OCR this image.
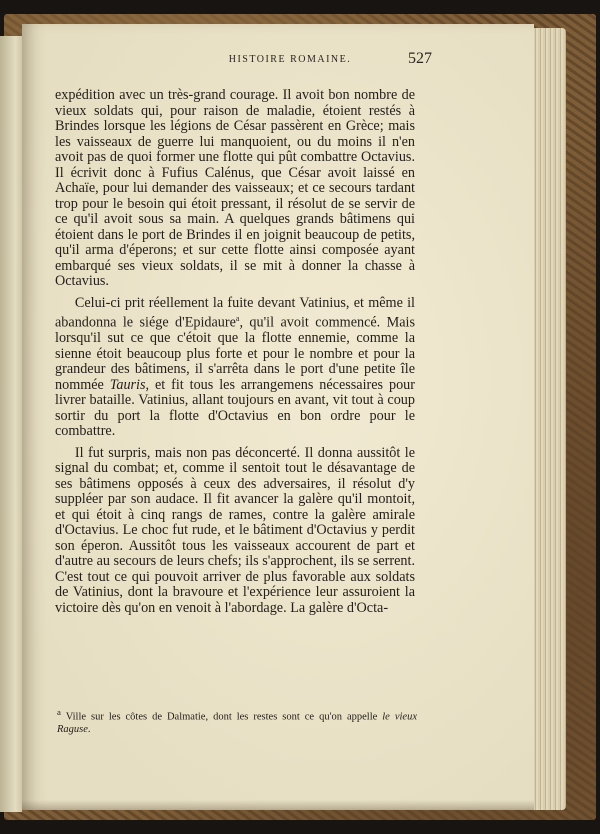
HISTOIRE ROMAINE.	527

expédition avec un très-grand courage. Il avoit bon nombre de vieux soldats qui, pour raison de maladie, étoient restés à Brindes lorsque les légions de César passèrent en Grèce; mais les vaisseaux de guerre lui manquoient, ou du moins il n'en avoit pas de quoi former une flotte qui pût combattre Octavius. Il écrivit donc à Fufius Calénus, que César avoit laissé en Achaïe, pour lui demander des vaisseaux; et ce secours tardant trop pour le besoin qui étoit pressant, il résolut de se servir de ce qu'il avoit sous sa main. A quelques grands bâtimens qui étoient dans le port de Brindes il en joignit beaucoup de petits, qu'il arma d'éperons; et sur cette flotte ainsi composée ayant embarqué ses vieux soldats, il se mit à donner la chasse à Octavius.

Celui-ci prit réellement la fuite devant Vatinius, et même il abandonna le siége d'Epidaure$^a$, qu'il avoit commencé. Mais lorsqu'il sut ce que c'étoit que la flotte ennemie, comme la sienne étoit beaucoup plus forte et pour le nombre et pour la grandeur des bâtimens, il s'arrêta dans le port d'une petite île nommée Tauris, et fit tous les arrangemens nécessaires pour livrer bataille. Vatinius, allant toujours en avant, vit tout à coup sortir du port la flotte d'Octavius en bon ordre pour le combattre.

Il fut surpris, mais non pas déconcerté. Il donna aussitôt le signal du combat; et, comme il sentoit tout le désavantage de ses bâtimens opposés à ceux des adversaires, il résolut d'y suppléer par son audace. Il fit avancer la galère qu'il montoit, et qui étoit à cinq rangs de rames, contre la galère amirale d'Octavius. Le choc fut rude, et le bâtiment d'Octavius y perdit son éperon. Aussitôt tous les vaisseaux accourent de part et d'autre au secours de leurs chefs; ils s'approchent, ils se serrent. C'est tout ce qui pouvoit arriver de plus favorable aux soldats de Vatinius, dont la bravoure et l'expérience leur assuroient la victoire dès qu'on en venoit à l'abordage. La galère d'Octa-

$^a$ Ville sur les côtes de Dalmatie, dont les restes sont ce qu'on appelle le vieux Raguse.
